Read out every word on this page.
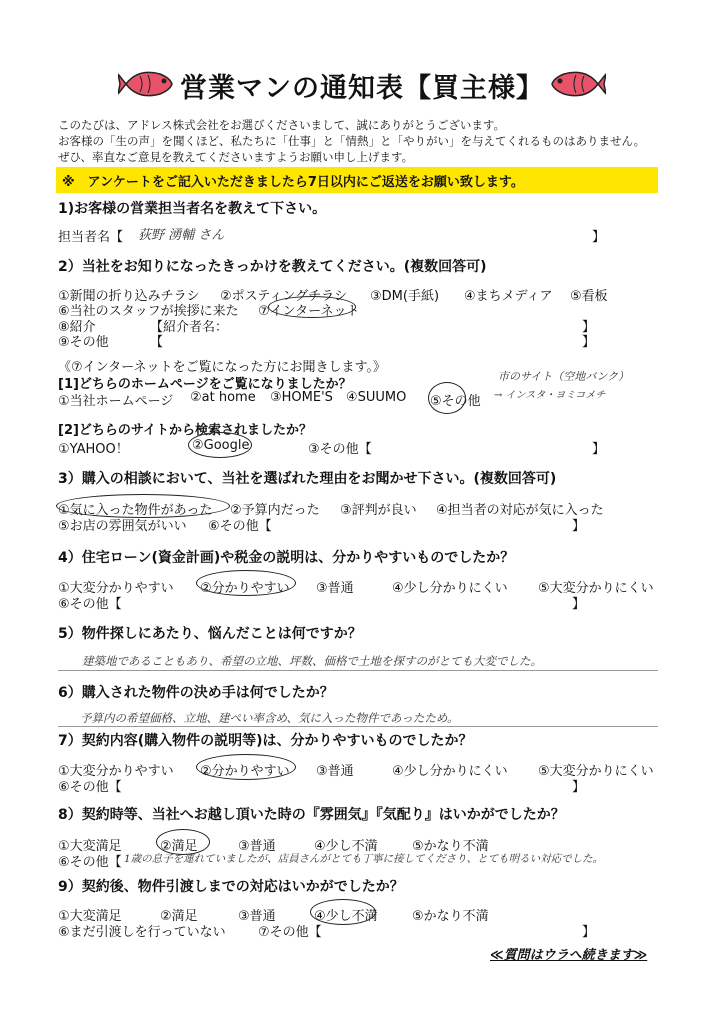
営業マンの通知表【買主様】
このたびは、アドレス株式会社をお選びくださいまして、誠にありがとうございます。
お客様の「生の声」を聞くほど、私たちに「仕事」と「情熱」と「やりがい」を与えてくれるものはありません。
ぜひ、率直なご意見を教えてくださいますようお願い申し上げます。
※　アンケートをご記入いただきましたら7日以内にご返送をお願い致します。
1)お客様の営業担当者名を教えて下さい。
担当者名【 荻野 湧輔 さん	】
2）当社をお知りになったきっかけを教えてください。(複数回答可)
①新聞の折り込みチラシ ②ポスティングチラシ ③DM(手紙) ④まちメディア ⑤看板
⑥当社のスタッフが挨拶に来た ⑦インターネット
⑧紹介	【紹介者名：	】
⑨その他	【	】
《⑦インターネットをご覧になった方にお聞きします。》
[1]どちらのホームページをご覧になりましたか？
①当社ホームページ ②at home ③HOME'S ④SUUMO ⑤その他
市のサイト（空地バンク）
→ インスタ・ヨミコメチ
[2]どちらのサイトから検索されましたか？
①YAHOO！	②Google	③その他【	】
3）購入の相談において、当社を選ばれた理由をお聞かせ下さい。(複数回答可)
①気に入った物件があった ②予算内だった ③評判が良い ④担当者の対応が気に入った
⑤お店の雰囲気がいい ⑥その他【	】
4）住宅ローン(資金計画)や税金の説明は、分かりやすいものでしたか？
①大変分かりやすい ②分かりやすい ③普通	④少し分かりにくい ⑤大変分かりにくい
⑥その他【	】
5）物件探しにあたり、悩んだことは何ですか？
建築地であることもあり、希望の立地、坪数、価格で土地を探すのがとても大変でした。
6）購入された物件の決め手は何でしたか？
予算内の希望価格、立地、建ぺい率含め、気に入った物件であったため。
7）契約内容(購入物件の説明等)は、分かりやすいものでしたか？
①大変分かりやすい ②分かりやすい ③普通	④少し分かりにくい ⑤大変分かりにくい
⑥その他【	】
8）契約時等、当社へお越し頂いた時の『雰囲気』『気配り』はいかがでしたか？
①大変満足	②満足	③普通	④少し不満	⑤かなり不満
⑥その他【 1歳の息子を連れていましたが、店員さんがとても丁寧に接してくださり、とても明るい対応でした。
9）契約後、物件引渡しまでの対応はいかがでしたか？
①大変満足	②満足	③普通	④少し不満	⑤かなり不満
⑥まだ引渡しを行っていない ⑦その他【	】
≪質問はウラへ続きます≫
